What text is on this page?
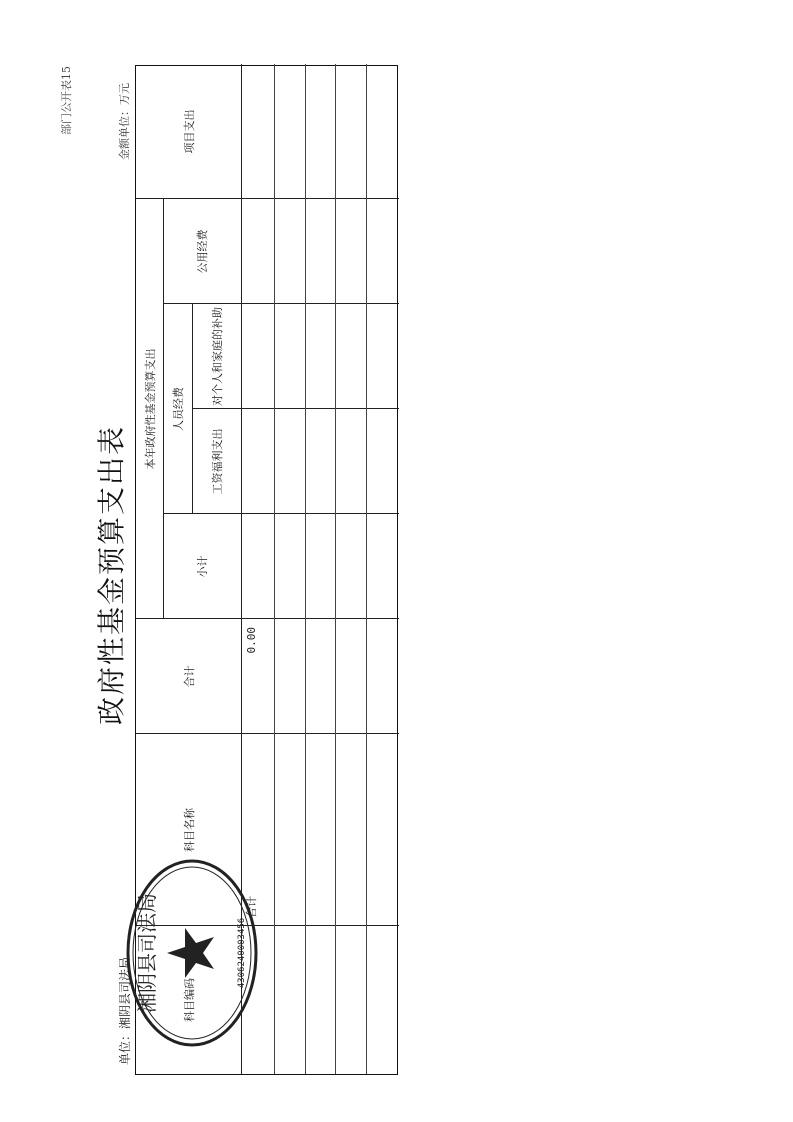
部门公开表15
政府性基金预算支出表
单位：湘阴县司法局
金额单位：万元
科目编码
科目名称
合计
本年政府性基金预算支出
小计
人员经费
工资福利支出
对个人和家庭的补助
公用经费
项目支出
合计
0.00
湘阴县司法局	4306240003456
